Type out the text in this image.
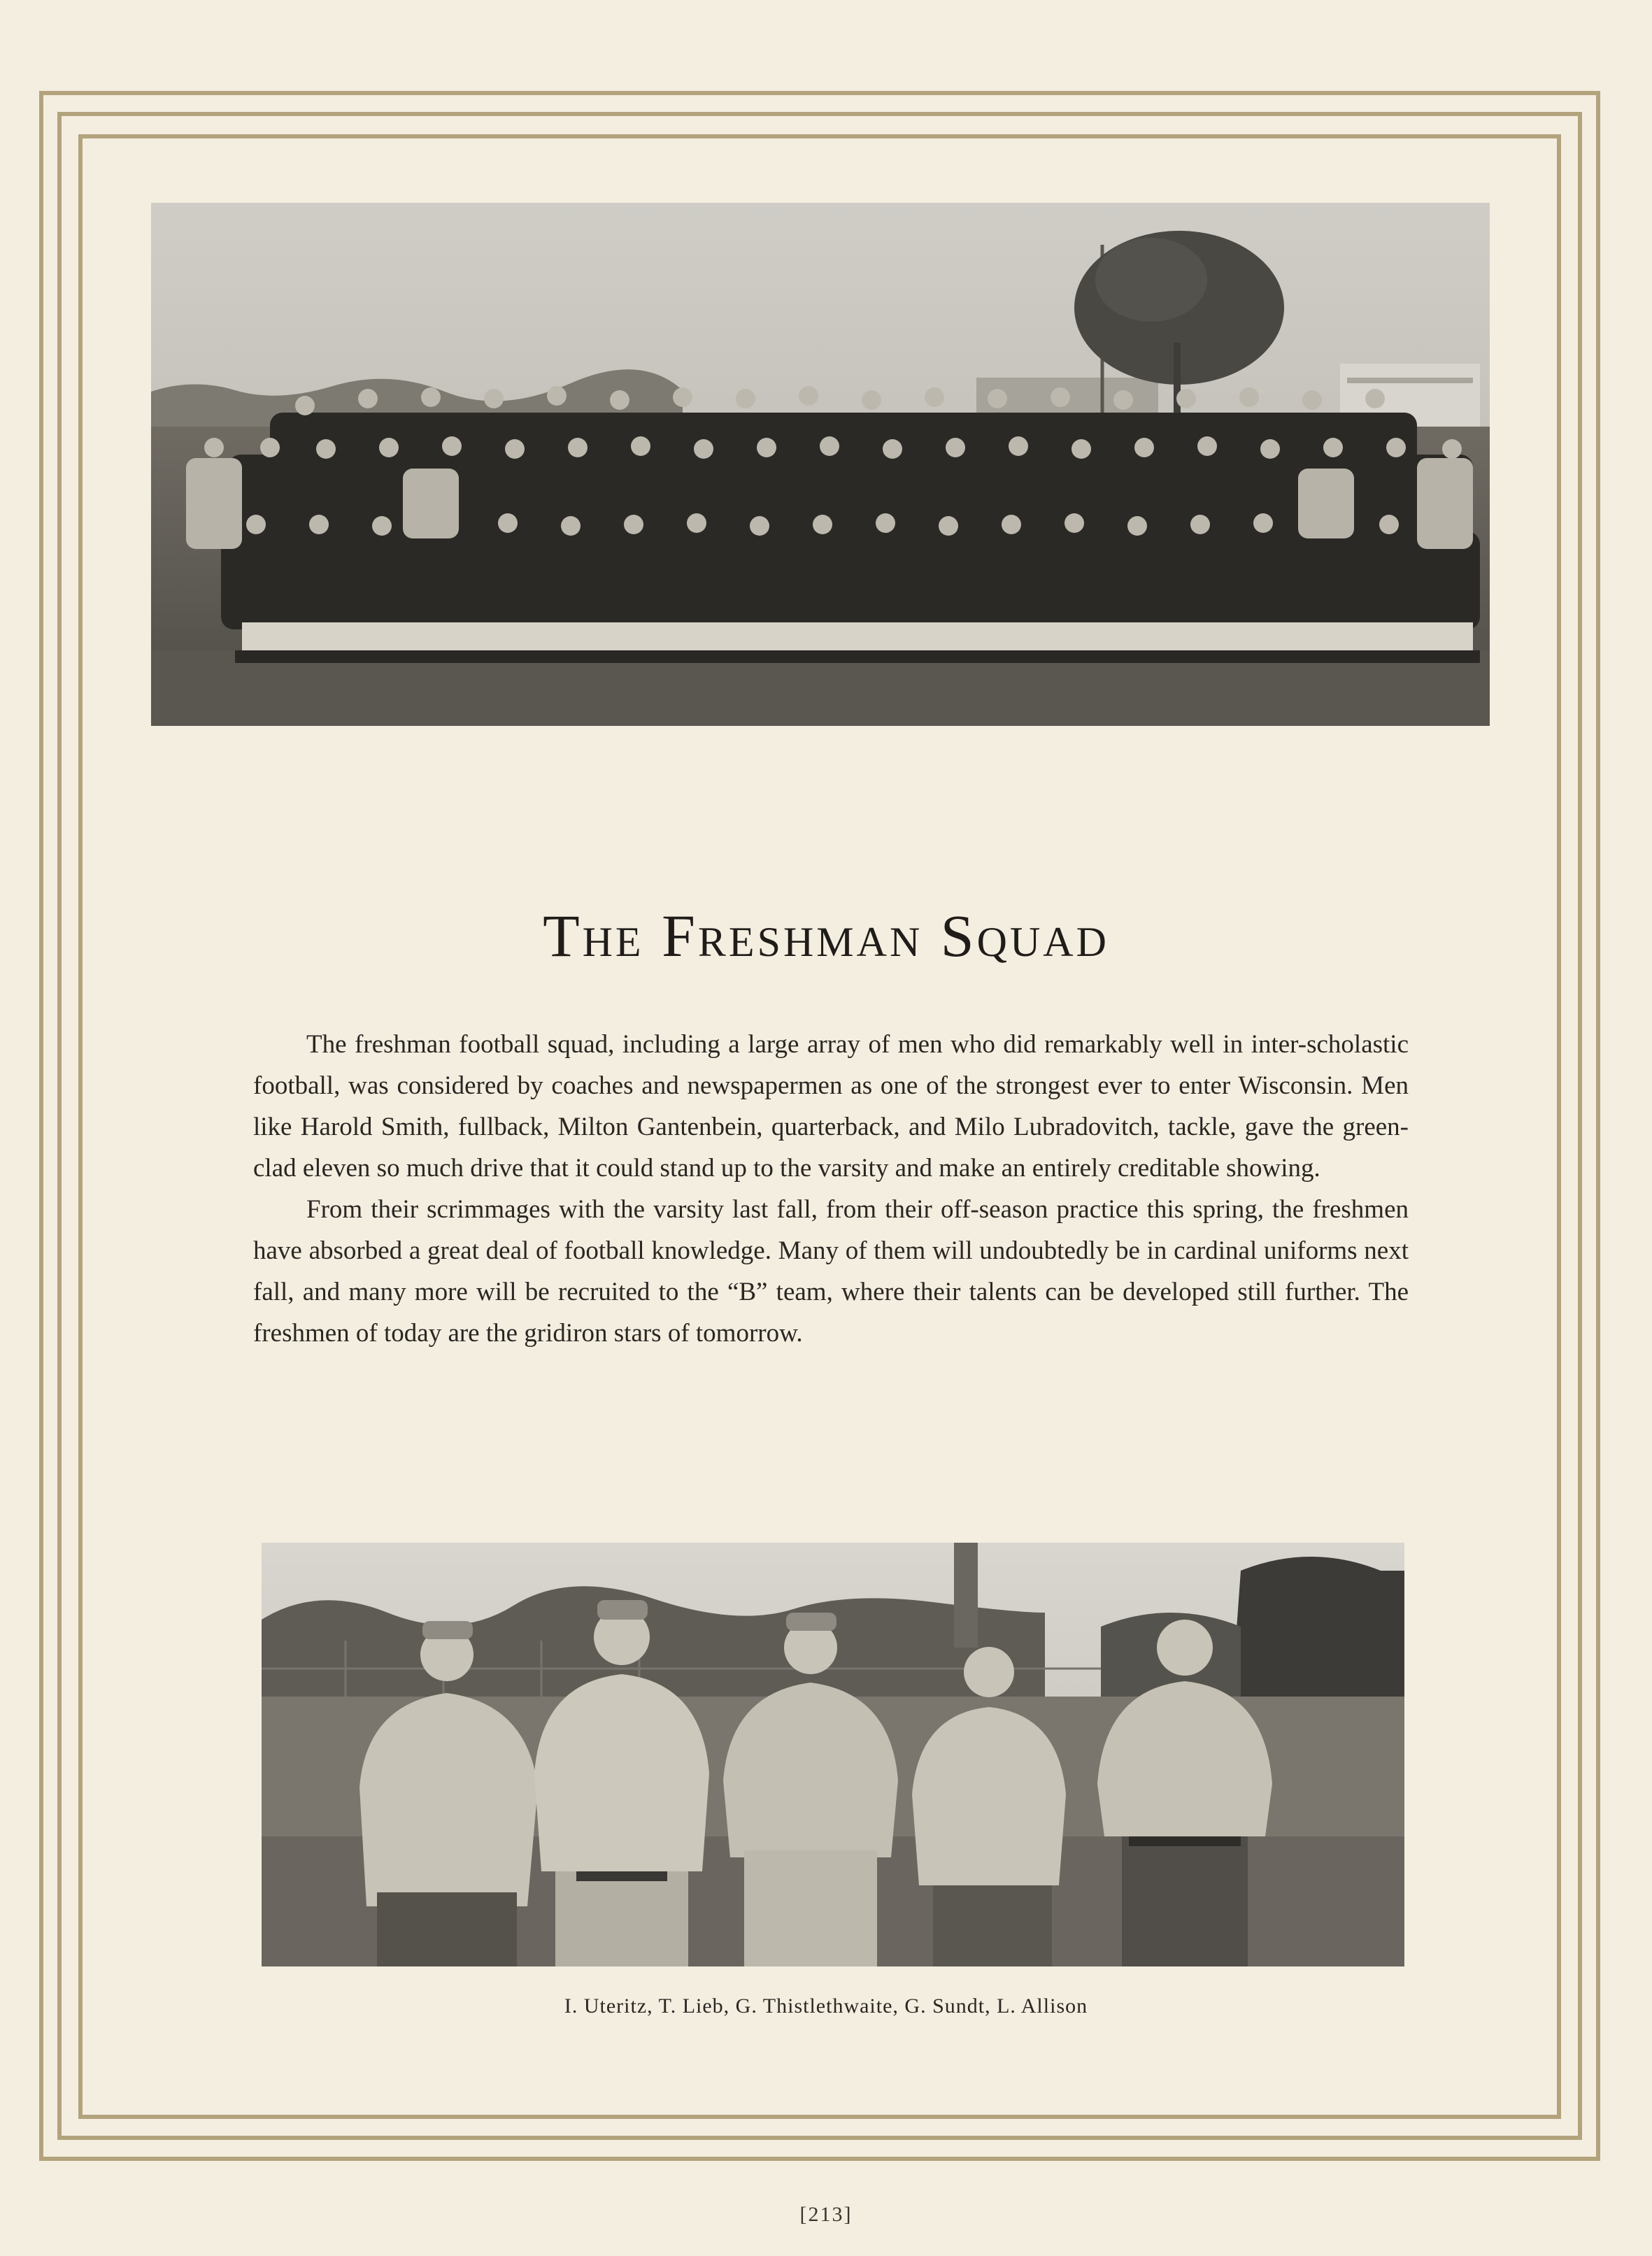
The Freshman Squad

The freshman football squad, including a large array of men who did remarkably well in inter-scholastic football, was considered by coaches and newspapermen as one of the strongest ever to enter Wisconsin. Men like Harold Smith, fullback, Milton Gantenbein, quarterback, and Milo Lubradovitch, tackle, gave the green-clad eleven so much drive that it could stand up to the varsity and make an entirely creditable showing.

From their scrimmages with the varsity last fall, from their off-season practice this spring, the freshmen have absorbed a great deal of football knowledge. Many of them will undoubtedly be in cardinal uniforms next fall, and many more will be recruited to the “B” team, where their talents can be developed still further. The freshmen of today are the gridiron stars of tomorrow.

I. Uteritz, T. Lieb, G. Thistlethwaite, G. Sundt, L. Allison
[213]
